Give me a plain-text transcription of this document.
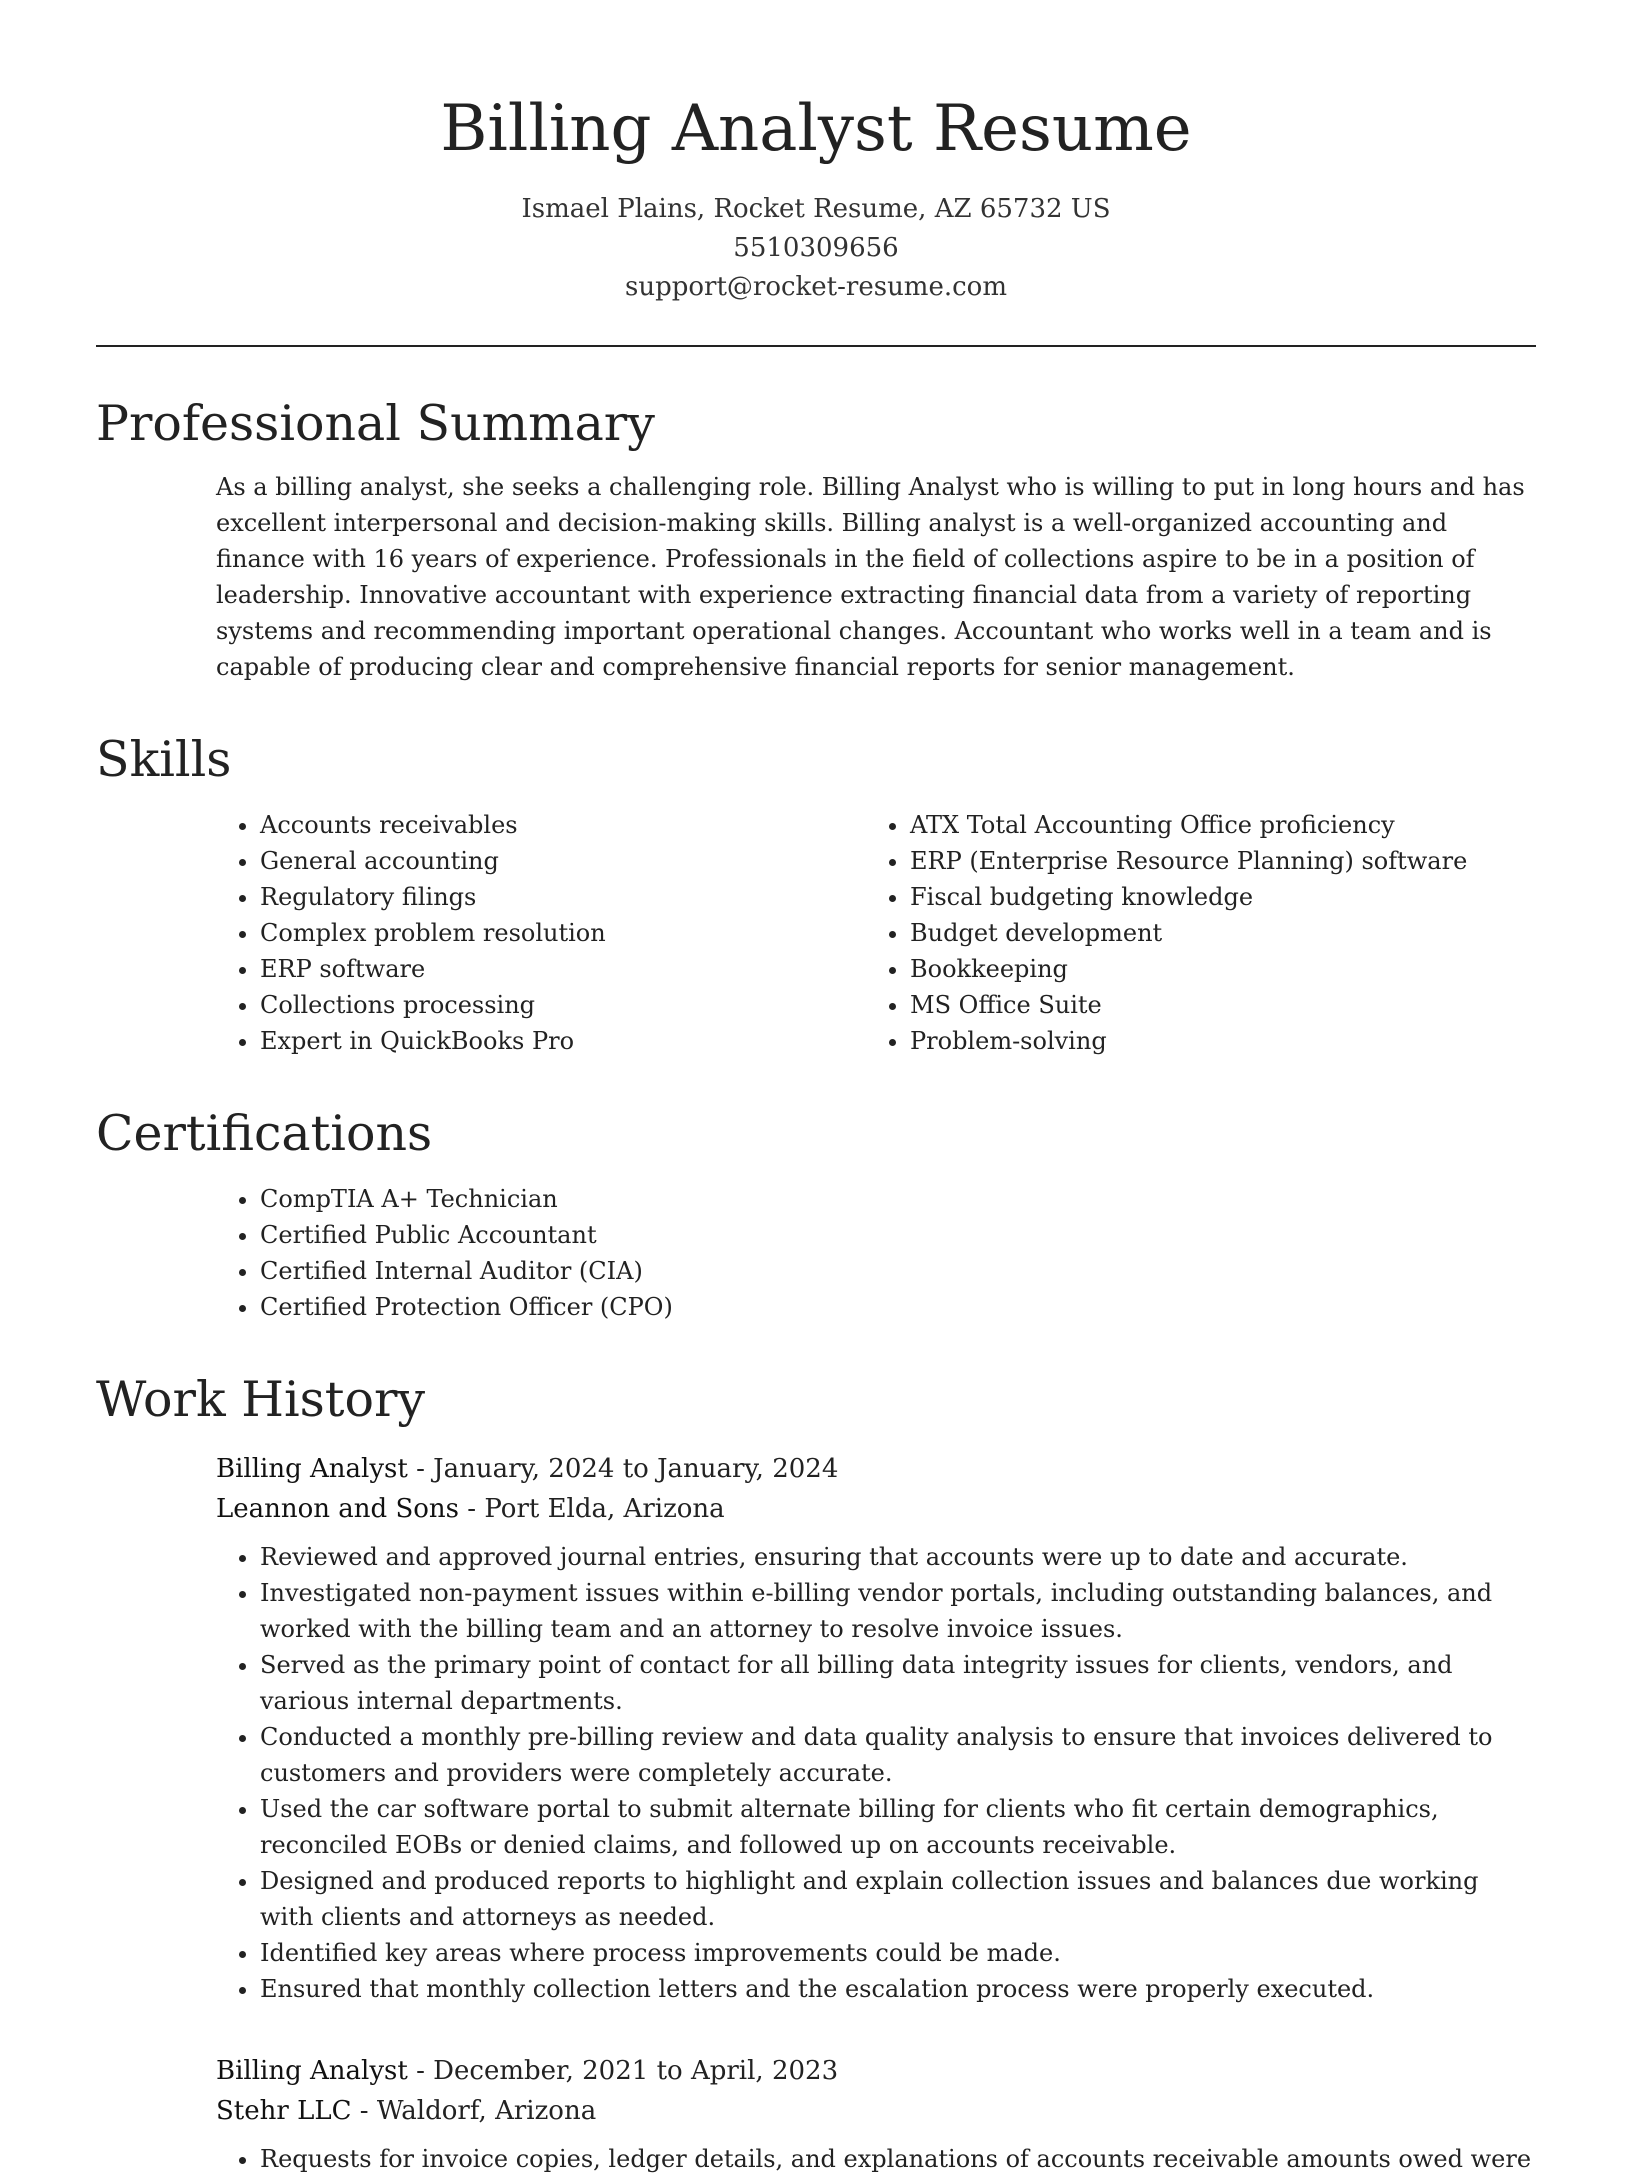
Billing Analyst Resume
Ismael Plains, Rocket Resume, AZ 65732 US
5510309656
support@rocket-resume.com
Professional Summary

As a billing analyst, she seeks a challenging role. Billing Analyst who is willing to put in long hours and has excellent interpersonal and decision-making skills. Billing analyst is a well-organized accounting and finance with 16 years of experience. Professionals in the field of collections aspire to be in a position of leadership. Innovative accountant with experience extracting financial data from a variety of reporting systems and recommending important operational changes. Accountant who works well in a team and is capable of producing clear and comprehensive financial reports for senior management.

Skills
• Accounts receivables
• General accounting
• Regulatory filings
• Complex problem resolution
• ERP software
• Collections processing
• Expert in QuickBooks Pro
• ATX Total Accounting Office proficiency
• ERP (Enterprise Resource Planning) software
• Fiscal budgeting knowledge
• Budget development
• Bookkeeping
• MS Office Suite
• Problem-solving
Certifications
• CompTIA A+ Technician
• Certified Public Accountant
• Certified Internal Auditor (CIA)
• Certified Protection Officer (CPO)
Work History
Billing Analyst - January, 2024 to January, 2024
Leannon and Sons - Port Elda, Arizona
• Reviewed and approved journal entries, ensuring that accounts were up to date and accurate.
• Investigated non-payment issues within e-billing vendor portals, including outstanding balances, and worked with the billing team and an attorney to resolve invoice issues.
• Served as the primary point of contact for all billing data integrity issues for clients, vendors, and various internal departments.
• Conducted a monthly pre-billing review and data quality analysis to ensure that invoices delivered to customers and providers were completely accurate.
• Used the car software portal to submit alternate billing for clients who fit certain demographics, reconciled EOBs or denied claims, and followed up on accounts receivable.
• Designed and produced reports to highlight and explain collection issues and balances due working with clients and attorneys as needed.
• Identified key areas where process improvements could be made.
• Ensured that monthly collection letters and the escalation process were properly executed.
Billing Analyst - December, 2021 to April, 2023
Stehr LLC - Waldorf, Arizona
• Requests for invoice copies, ledger details, and explanations of accounts receivable amounts owed were
